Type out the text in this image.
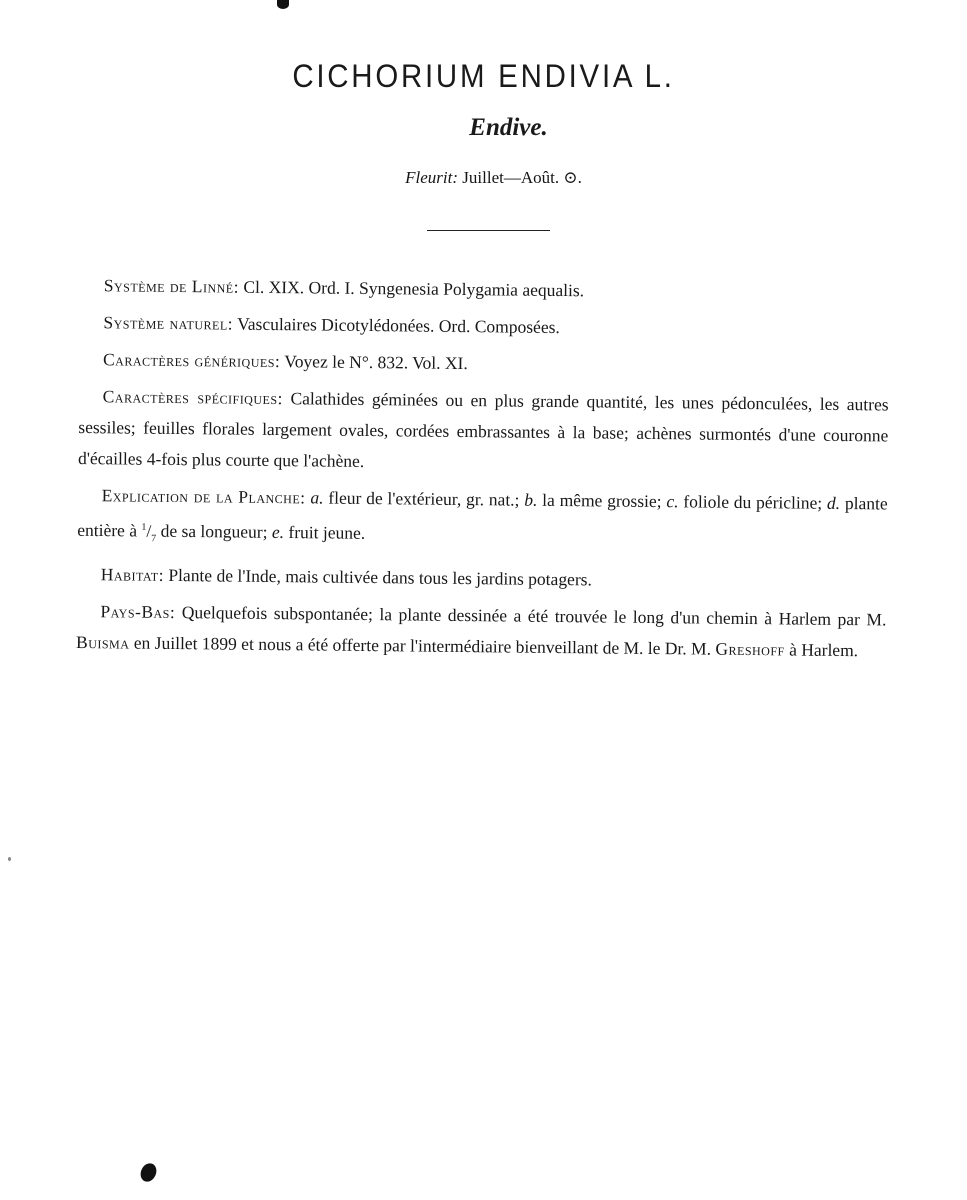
CICHORIUM ENDIVIA L.
Endive.
Fleurit: Juillet—Août. ⊙.

Système de Linné: Cl. XIX. Ord. I. Syngenesia Polygamia aequalis.

Système naturel: Vasculaires Dicotylédonées. Ord. Composées.

Caractères génériques: Voyez le N°. 832. Vol. XI.

Caractères spécifiques: Calathides géminées ou en plus grande quantité, les unes pédonculées, les autres sessiles; feuilles florales largement ovales, cordées embrassantes à la base; achènes surmontés d'une couronne d'écailles 4-fois plus courte que l'achène.

Explication de la Planche: a. fleur de l'extérieur, gr. nat.; b. la même grossie; c. foliole du péricline; d. plante entière à $^1/_7$ de sa longueur; e. fruit jeune.

Habitat: Plante de l'Inde, mais cultivée dans tous les jardins potagers.

Pays-Bas: Quelquefois subspontanée; la plante dessinée a été trouvée le long d'un chemin à Harlem par M. Buisma en Juillet 1899 et nous a été offerte par l'intermédiaire bienveillant de M. le Dr. M. Greshoff à Harlem.
